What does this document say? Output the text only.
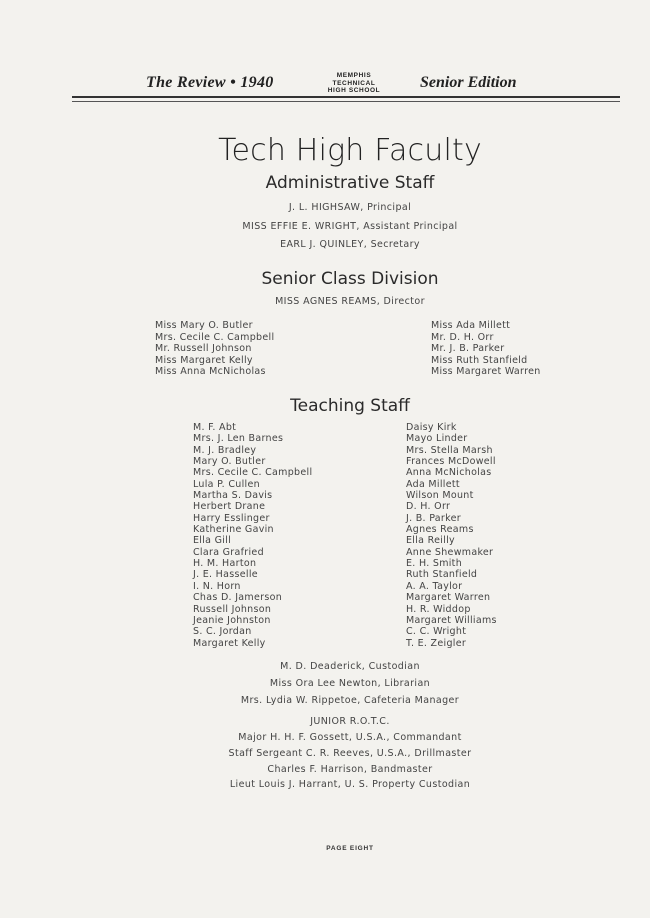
The Review • 1940	MEMPHIS
TECHNICAL
HIGH SCHOOL	Senior Edition
Tech High Faculty
Administrative Staff
J. L. HIGHSAW, Principal
MISS EFFIE E. WRIGHT, Assistant Principal
EARL J. QUINLEY, Secretary
Senior Class Division
MISS AGNES REAMS, Director
Miss Mary O. Butler
Mrs. Cecile C. Campbell
Mr. Russell Johnson
Miss Margaret Kelly
Miss Anna McNicholas
Miss Ada Millett
Mr. D. H. Orr
Mr. J. B. Parker
Miss Ruth Stanfield
Miss Margaret Warren
Teaching Staff
M. F. Abt
Mrs. J. Len Barnes
M. J. Bradley
Mary O. Butler
Mrs. Cecile C. Campbell
Lula P. Cullen
Martha S. Davis
Herbert Drane
Harry Esslinger
Katherine Gavin
Ella Gill
Clara Grafried
H. M. Harton
J. E. Hasselle
I. N. Horn
Chas D. Jamerson
Russell Johnson
Jeanie Johnston
S. C. Jordan
Margaret Kelly
Daisy Kirk
Mayo Linder
Mrs. Stella Marsh
Frances McDowell
Anna McNicholas
Ada Millett
Wilson Mount
D. H. Orr
J. B. Parker
Agnes Reams
Ella Reilly
Anne Shewmaker
E. H. Smith
Ruth Stanfield
A. A. Taylor
Margaret Warren
H. R. Widdop
Margaret Williams
C. C. Wright
T. E. Zeigler
M. D. Deaderick, Custodian
Miss Ora Lee Newton, Librarian
Mrs. Lydia W. Rippetoe, Cafeteria Manager
JUNIOR R.O.T.C.
Major H. H. F. Gossett, U.S.A., Commandant
Staff Sergeant C. R. Reeves, U.S.A., Drillmaster
Charles F. Harrison, Bandmaster
Lieut Louis J. Harrant, U. S. Property Custodian
PAGE EIGHT
